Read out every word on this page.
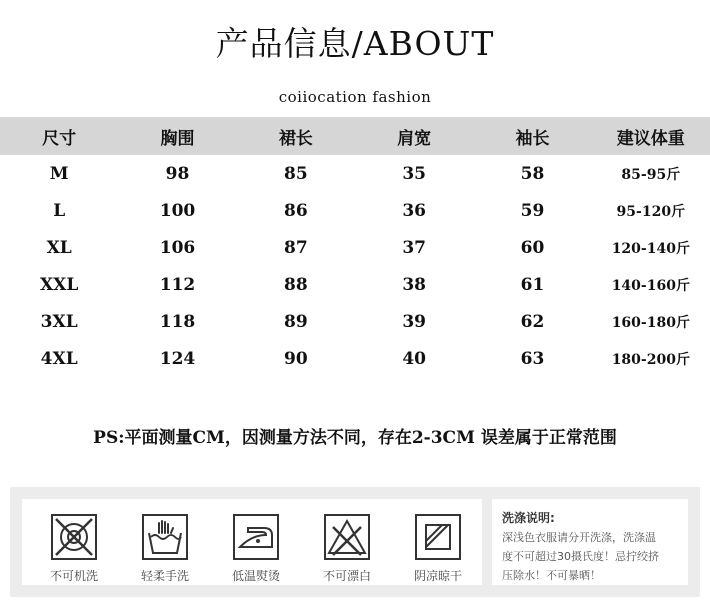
产品信息/ABOUT
coiiocation fashion
尺寸	胸围	裙长	肩宽	袖长	建议体重
M	98	85	35	58	85-95斤
L	100	86	36	59	95-120斤
XL	106	87	37	60	120-140斤
XXL	112	88	38	61	140-160斤
3XL	118	89	39	62	160-180斤
4XL	124	90	40	63	180-200斤
PS:平面测量CM，因测量方法不同，存在2-3CM 误差属于正常范围
不可机洗	轻柔手洗	低温熨烫	不可漂白	阴凉晾干
洗涤说明:
深浅色衣服请分开洗涤，洗涤温
度不可超过30摄氏度！忌拧绞挤
压除水！不可暴晒！
